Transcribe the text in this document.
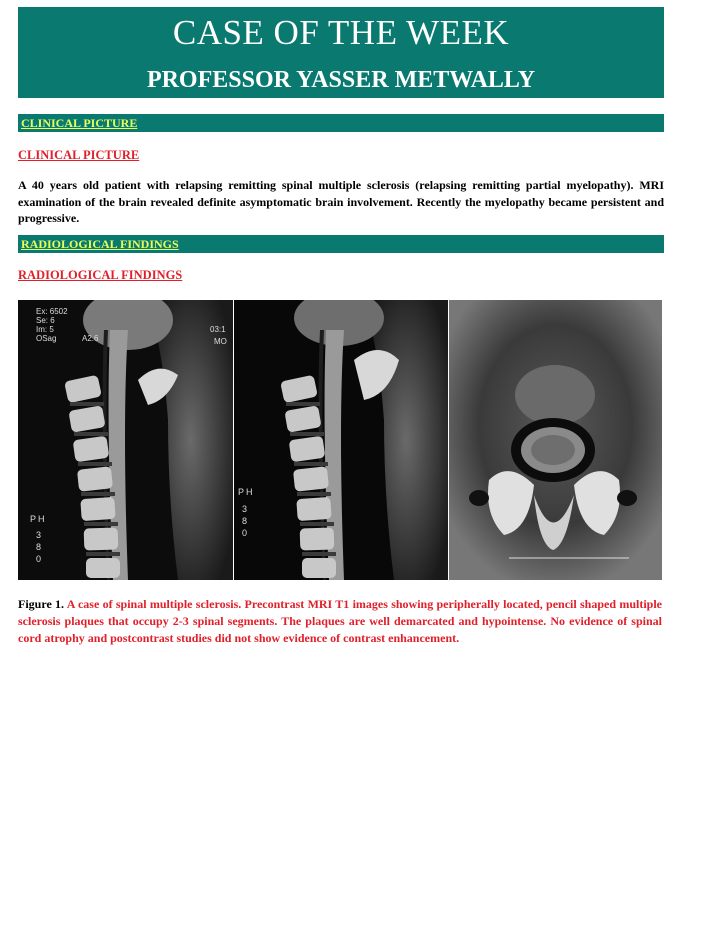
CASE OF THE WEEK
PROFESSOR YASSER METWALLY
CLINICAL PICTURE
CLINICAL PICTURE
A 40 years old patient with relapsing remitting spinal multiple sclerosis (relapsing remitting partial myelopathy). MRI examination of the brain revealed definite asymptomatic brain involvement. Recently the myelopathy became persistent and progressive.
RADIOLOGICAL FINDINGS
RADIOLOGICAL FINDINGS
Ex: 6502
Se: 6
Im: 5
OSag	A2.6
03:1
MO
P H
3
8
0
P H
3
8
0
Figure 1. A case of spinal multiple sclerosis. Precontrast MRI T1 images showing peripherally located, pencil shaped multiple sclerosis plaques that occupy 2-3 spinal segments. The plaques are well demarcated and hypointense. No evidence of spinal cord atrophy and postcontrast studies did not show evidence of contrast enhancement.
